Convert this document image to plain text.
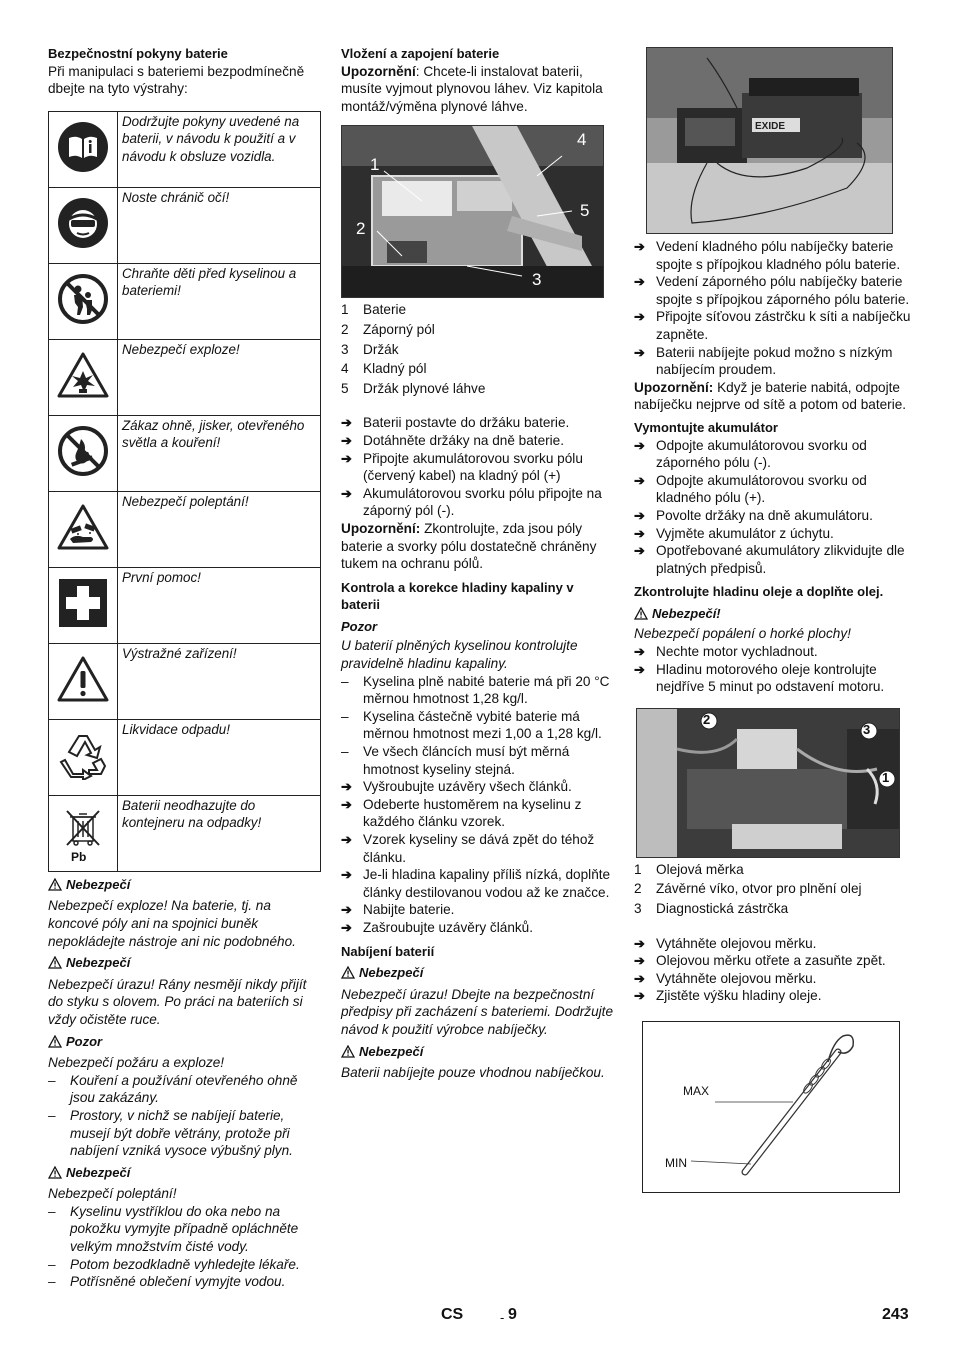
Bezpečnostní pokyny baterie

Při manipulaci s bateriemi bezpodmínečně dbejte na tyto výstrahy:

	Dodržujte pokyny uvedené na baterii, v návodu k použití a v návodu k obsluze vozidla.
	Noste chránič očí!
	Chraňte děti před kyselinou a bateriemi!
	Nebezpečí exploze!
	Zákaz ohně, jisker, otevřeného světla a kouření!
	Nebezpečí poleptání!
	První pomoc!
	Výstražné zařízení!
	Likvidace odpadu!

Pb	Baterii neodhazujte do kontejneru na odpadky!
Nebezpečí

Nebezpečí exploze! Na baterie, tj. na koncové póly ani na spojnici buněk nepokládejte nástroje ani nic podobného.

Nebezpečí

Nebezpečí úrazu! Rány nesmějí nikdy přijít do styku s olovem. Po práci na bateriích si vždy očistěte ruce.

Pozor

Nebezpečí požáru a exploze!

–	Kouření a používání otevřeného ohně jsou zakázány.
–	Prostory, v nichž se nabíjejí baterie, musejí být dobře větrány, protože při nabíjení vzniká vysoce výbušný plyn.
Nebezpečí

Nebezpečí poleptání!

–	Kyselinu vystříklou do oka nebo na pokožku vymyjte případně opláchněte velkým množstvím čisté vody.
–	Potom bezodkladně vyhledejte lékaře.
–	Potřísněné oblečení vymyjte vodou.

Vložení a zapojení baterie

Upozornění: Chcete-li instalovat baterii, musíte vyjmout plynovou láhev. Viz kapitola montáž/výměna plynové láhve.

1
2
3
4
5
1	Baterie
2	Záporný pól
3	Držák
4	Kladný pól
5	Držák plynové láhve
➔ Baterii postavte do držáku baterie.
➔ Dotáhněte držáky na dně baterie.
➔ Připojte akumulátorovou svorku pólu (červený kabel) na kladný pól (+)
➔ Akumulátorovou svorku pólu připojte na záporný pól (-).

Upozornění: Zkontrolujte, zda jsou póly baterie a svorky pólu dostatečně chráněny tukem na ochranu pólů.

Kontrola a korekce hladiny kapaliny v baterii

Pozor

U baterií plněných kyselinou kontrolujte pravidelně hladinu kapaliny.

–	Kyselina plně nabité baterie má při 20 °C měrnou hmotnost 1,28 kg/l.
–	Kyselina částečně vybité baterie má měrnou hmotnost mezi 1,00 a 1,28 kg/l.
–	Ve všech článcích musí být měrná hmotnost kyseliny stejná.
➔ Vyšroubujte uzávěry všech článků.
➔ Odeberte hustoměrem na kyselinu z každého článku vzorek.
➔ Vzorek kyseliny se dává zpět do téhož článku.
➔ Je-li hladina kapaliny příliš nízká, doplňte články destilovanou vodou až ke značce.
➔ Nabijte baterie.
➔ Zašroubujte uzávěry článků.

Nabíjení baterií

Nebezpečí

Nebezpečí úrazu! Dbejte na bezpečnostní předpisy při zacházení s bateriemi. Dodržujte návod k použití výrobce nabíječky.

Nebezpečí

Baterii nabíjejte pouze vhodnou nabíječkou.

EXIDE
➔ Vedení kladného pólu nabíječky baterie spojte s přípojkou kladného pólu baterie.
➔ Vedení záporného pólu nabíječky baterie spojte s přípojkou záporného pólu baterie.
➔ Připojte síťovou zástrčku k síti a nabíječku zapněte.
➔ Baterii nabíjejte pokud možno s nízkým nabíjecím proudem.

Upozornění: Když je baterie nabitá, odpojte nabíječku nejprve od sítě a potom od baterie.

Vymontujte akumulátor

➔ Odpojte akumulátorovou svorku od záporného pólu (-).
➔ Odpojte akumulátorovou svorku od kladného pólu (+).
➔ Povolte držáky na dně akumulátoru.
➔ Vyjměte akumulátor z úchytu.
➔ Opotřebované akumulátory zlikvidujte dle platných předpisů.

Zkontrolujte hladinu oleje a doplňte olej.

Nebezpečí!

Nebezpečí popálení o horké plochy!

➔ Nechte motor vychladnout.
➔ Hladinu motorového oleje kontrolujte nejdříve 5 minut po odstavení motoru.
2
3
1
1	Olejová měrka
2	Závěrné víko, otvor pro plnění olej
3	Diagnostická zástrčka
➔ Vytáhněte olejovou měrku.
➔ Olejovou měrku otřete a zasuňte zpět.
➔ Vytáhněte olejovou měrku.
➔ Zjistěte výšku hladiny oleje.
MAX
MIN
CS	- 9	243
